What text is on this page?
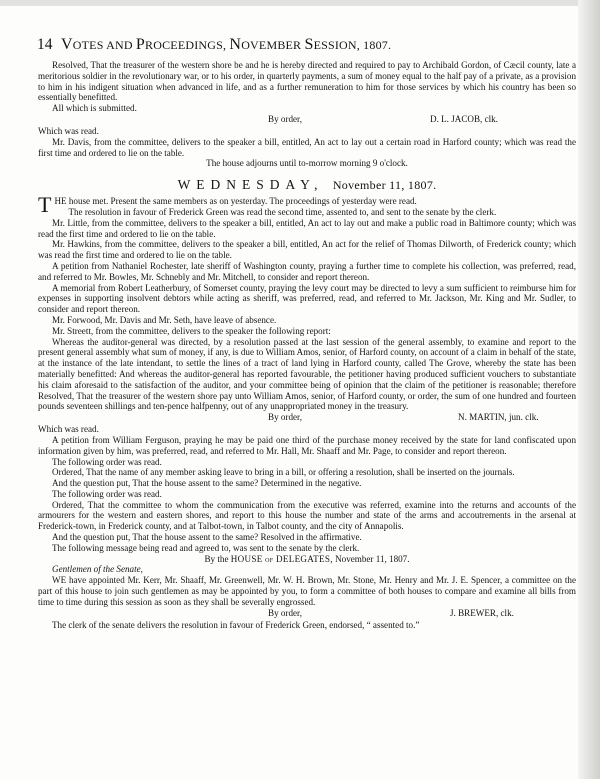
14 VOTES AND PROCEEDINGS, NOVEMBER SESSION, 1807.

Resolved, That the treasurer of the western shore be and he is hereby directed and required to pay to Archibald Gordon, of Cæcil county, late a meritorious soldier in the revolutionary war, or to his order, in quarterly payments, a sum of money equal to the half pay of a private, as a provision to him in his indigent situation when advanced in life, and as a further remuneration to him for those services by which his country has been so essentially benefitted.

All which is submitted.

By order,	D. L. JACOB, clk.

Which was read.

Mr. Davis, from the committee, delivers to the speaker a bill, entitled, An act to lay out a certain road in Harford county; which was read the first time and ordered to lie on the table.

The house adjourns until to-morrow morning 9 o'clock.

WEDNESDAY, November 11, 1807.

THE house met. Present the same members as on yesterday. The proceedings of yesterday were read.

The resolution in favour of Frederick Green was read the second time, assented to, and sent to the senate by the clerk.

Mr. Little, from the committee, delivers to the speaker a bill, entitled, An act to lay out and make a public road in Baltimore county; which was read the first time and ordered to lie on the table.

Mr. Hawkins, from the committee, delivers to the speaker a bill, entitled, An act for the relief of Thomas Dilworth, of Frederick county; which was read the first time and ordered to lie on the table.

A petition from Nathaniel Rochester, late sheriff of Washington county, praying a further time to complete his collection, was preferred, read, and referred to Mr. Bowles, Mr. Schnebly and Mr. Mitchell, to consider and report thereon.

A memorial from Robert Leatherbury, of Somerset county, praying the levy court may be directed to levy a sum sufficient to reimburse him for expenses in supporting insolvent debtors while acting as sheriff, was preferred, read, and referred to Mr. Jackson, Mr. King and Mr. Sudler, to consider and report thereon.

Mr. Forwood, Mr. Davis and Mr. Seth, have leave of absence.

Mr. Streett, from the committee, delivers to the speaker the following report:

Whereas the auditor-general was directed, by a resolution passed at the last session of the general assembly, to examine and report to the present general assembly what sum of money, if any, is due to William Amos, senior, of Harford county, on account of a claim in behalf of the state, at the instance of the late intendant, to settle the lines of a tract of land lying in Harford county, called The Grove, whereby the state has been materially benefitted: And whereas the auditor-general has reported favourable, the petitioner having produced sufficient vouchers to substantiate his claim aforesaid to the satisfaction of the auditor, and your committee being of opinion that the claim of the petitioner is reasonable; therefore Resolved, That the treasurer of the western shore pay unto William Amos, senior, of Harford county, or order, the sum of one hundred and fourteen pounds seventeen shillings and ten-pence halfpenny, out of any unappropriated money in the treasury.

By order,	N. MARTIN, jun. clk.

Which was read.

A petition from William Ferguson, praying he may be paid one third of the purchase money received by the state for land confiscated upon information given by him, was preferred, read, and referred to Mr. Hall, Mr. Shaaff and Mr. Page, to consider and report thereon.

The following order was read.

Ordered, That the name of any member asking leave to bring in a bill, or offering a resolution, shall be inserted on the journals.

And the question put, That the house assent to the same? Determined in the negative.

The following order was read.

Ordered, That the committee to whom the communication from the executive was referred, examine into the returns and accounts of the armourers for the western and eastern shores, and report to this house the number and state of the arms and accoutrements in the arsenal at Frederick-town, in Frederick county, and at Talbot-town, in Talbot county, and the city of Annapolis.

And the question put, That the house assent to the same? Resolved in the affirmative.

The following message being read and agreed to, was sent to the senate by the clerk.

By the HOUSE of DELEGATES, November 11, 1807.

Gentlemen of the Senate,

WE have appointed Mr. Kerr, Mr. Shaaff, Mr. Greenwell, Mr. W. H. Brown, Mr. Stone, Mr. Henry and Mr. J. E. Spencer, a committee on the part of this house to join such gentlemen as may be appointed by you, to form a committee of both houses to compare and examine all bills from time to time during this session as soon as they shall be severally engrossed.

By order,	J. BREWER, clk.

The clerk of the senate delivers the resolution in favour of Frederick Green, endorsed, “ assented to.”
